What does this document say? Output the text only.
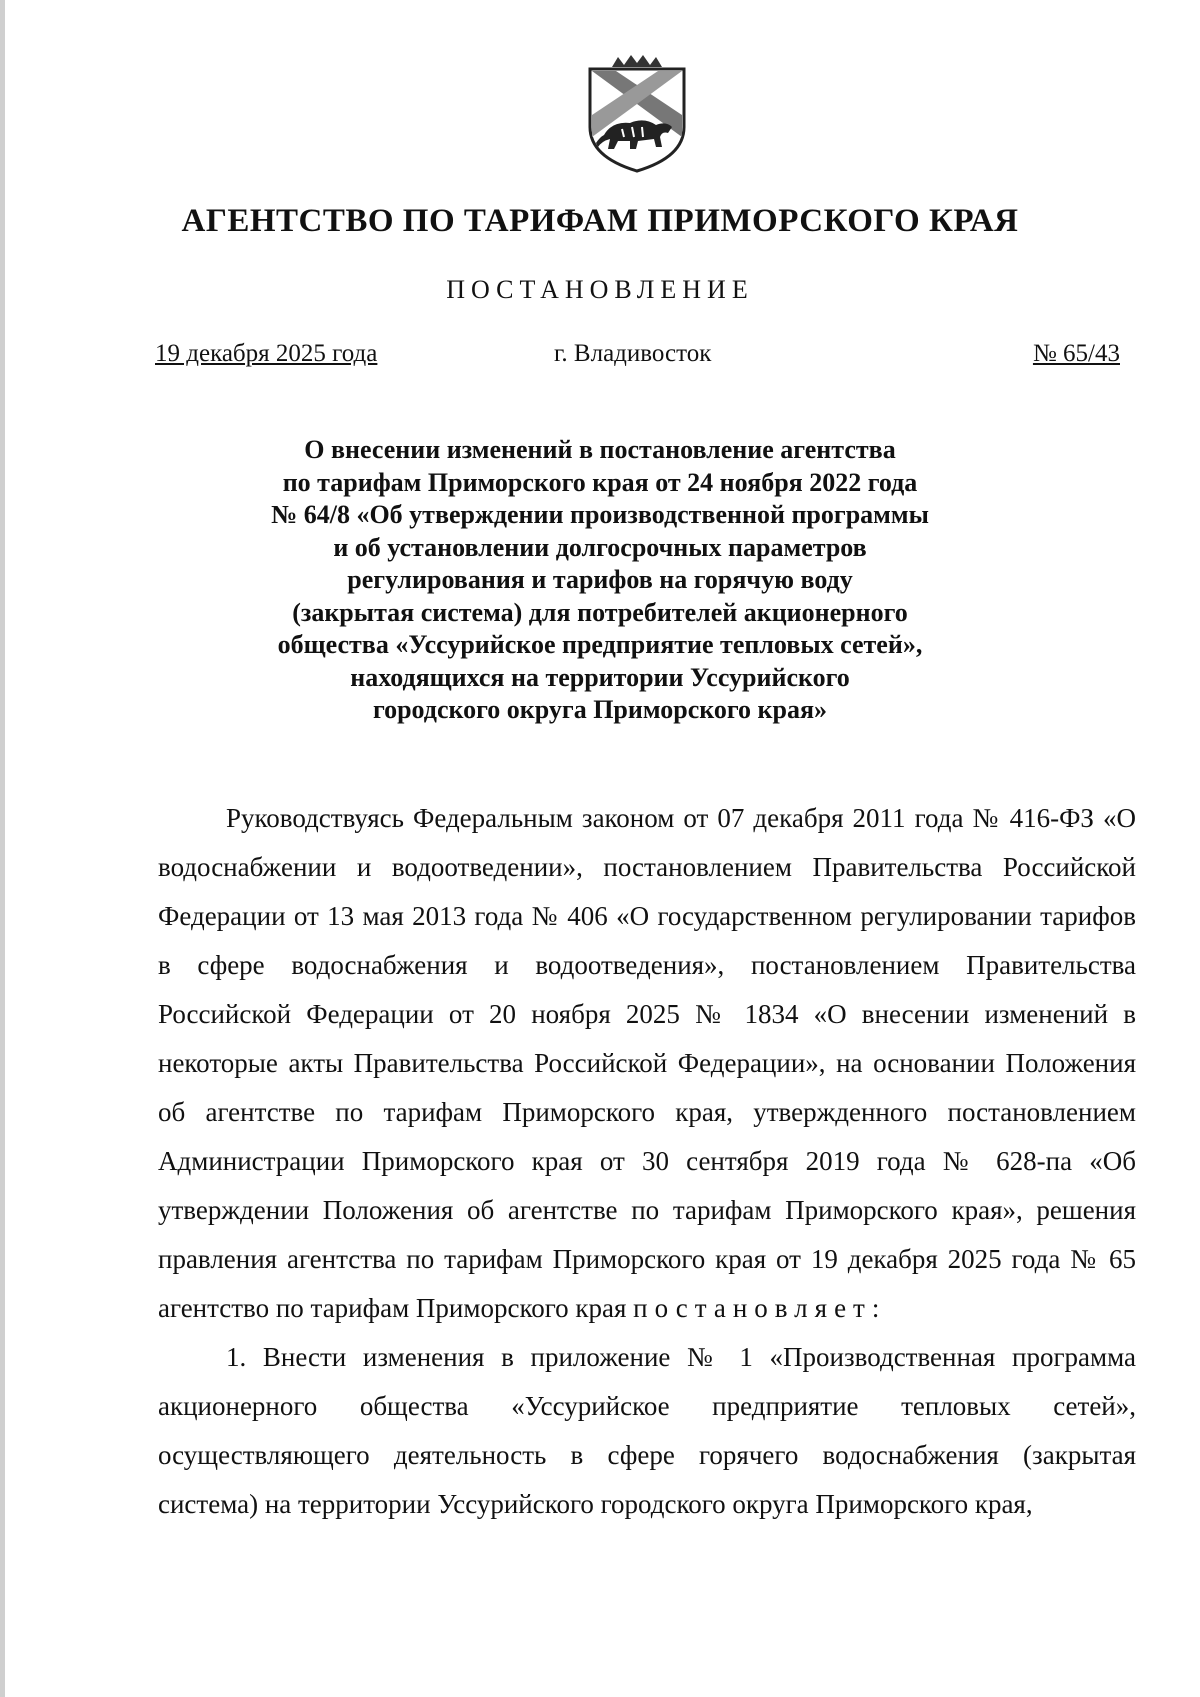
АГЕНТСТВО ПО ТАРИФАМ ПРИМОРСКОГО КРАЯ
ПОСТАНОВЛЕНИЕ
19 декабря 2025 года	г. Владивосток	№ 65/43
О внесении изменений в постановление агентства
по тарифам Приморского края от 24 ноября 2022 года
№ 64/8 «Об утверждении производственной программы
и об установлении долгосрочных параметров
регулирования и тарифов на горячую воду
(закрытая система) для потребителей акционерного
общества «Уссурийское предприятие тепловых сетей»,
находящихся на территории Уссурийского
городского округа Приморского края»

Руководствуясь Федеральным законом от 07 декабря 2011 года № 416-ФЗ «О водоснабжении и водоотведении», постановлением Правительства Российской Федерации от 13 мая 2013 года № 406 «О государственном регулировании тарифов в сфере водоснабжения и водоотведения», постановлением Правительства Российской Федерации от 20 ноября 2025 № 1834 «О внесении изменений в некоторые акты Правительства Российской Федерации», на основании Положения об агентстве по тарифам Приморского края, утвержденного постановлением Администрации Приморского края от 30 сентября 2019 года № 628-па «Об утверждении Положения об агентстве по тарифам Приморского края», решения правления агентства по тарифам Приморского края от 19 декабря 2025 года № 65 агентство по тарифам Приморского края постановляет:

1. Внести изменения в приложение № 1 «Производственная программа акционерного общества «Уссурийское предприятие тепловых сетей», осуществляющего деятельность в сфере горячего водоснабжения (закрытая система) на территории Уссурийского городского округа Приморского края,
